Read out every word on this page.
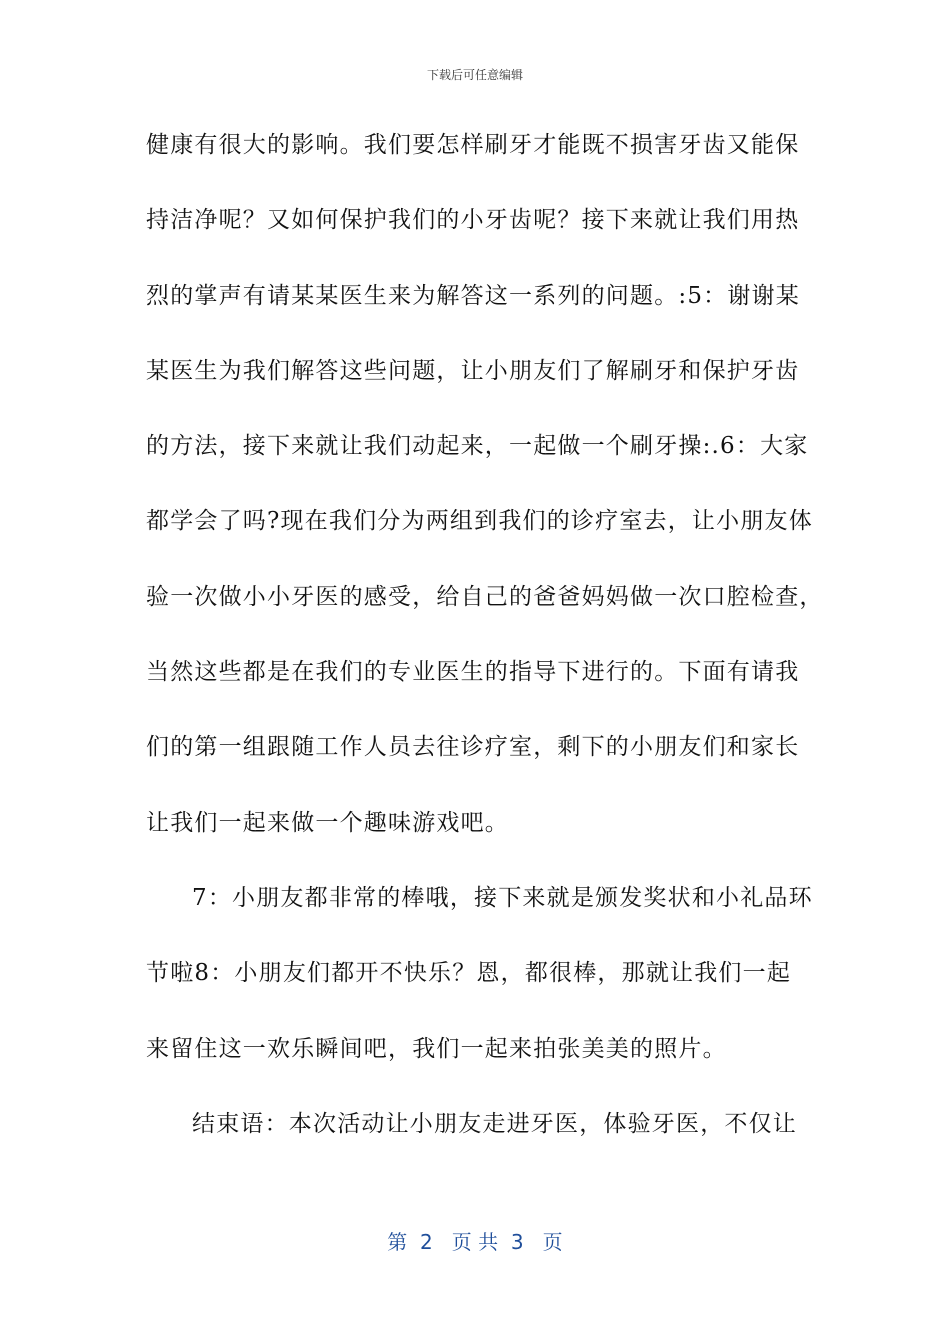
下载后可任意编辑
健康有很大的影响。我们要怎样刷牙才能既不损害牙齿又能保
持洁净呢？又如何保护我们的小牙齿呢？接下来就让我们用热
烈的掌声有请某某医生来为解答这一系列的问题。:5：谢谢某
某医生为我们解答这些问题，让小朋友们了解刷牙和保护牙齿
的方法，接下来就让我们动起来，一起做一个刷牙操:.6：大家
都学会了吗?现在我们分为两组到我们的诊疗室去，让小朋友体
验一次做小小牙医的感受，给自己的爸爸妈妈做一次口腔检查，
当然这些都是在我们的专业医生的指导下进行的。下面有请我
们的第一组跟随工作人员去往诊疗室，剩下的小朋友们和家长
让我们一起来做一个趣味游戏吧。
7：小朋友都非常的棒哦，接下来就是颁发奖状和小礼品环
节啦8：小朋友们都开不快乐？恩，都很棒，那就让我们一起
来留住这一欢乐瞬间吧，我们一起来拍张美美的照片。
结束语：本次活动让小朋友走进牙医，体验牙医，不仅让
第  2   页 共  3   页
